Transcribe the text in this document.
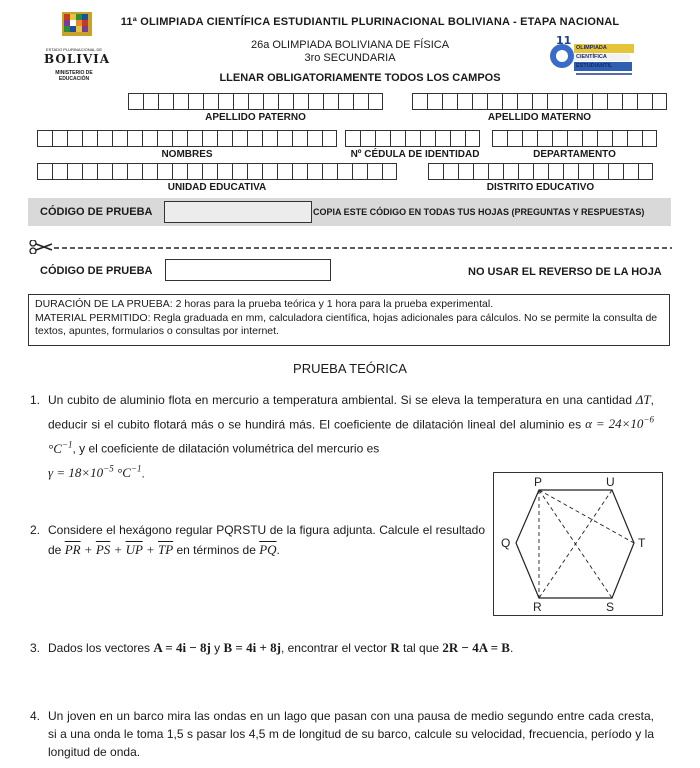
ESTADO PLURINACIONAL DE
BOLIVIA
MINISTERIO DE EDUCACIÓN
11
OLIMPIADA CIENTÍFICA ESTUDIANTIL
11ª OLIMPIADA CIENTÍFICA ESTUDIANTIL PLURINACIONAL BOLIVIANA - ETAPA NACIONAL
26a OLIMPIADA BOLIVIANA DE FÍSICA
3ro SECUNDARIA
LLENAR OBLIGATORIAMENTE TODOS LOS CAMPOS
APELLIDO PATERNO	APELLIDO MATERNO
NOMBRES	Nº CÉDULA DE IDENTIDAD	DEPARTAMENTO
UNIDAD EDUCATIVA	DISTRITO EDUCATIVO
CÓDIGO DE PRUEBA	COPIA ESTE CÓDIGO EN TODAS TUS HOJAS (PREGUNTAS Y RESPUESTAS)
CÓDIGO DE PRUEBA	NO USAR EL REVERSO DE LA HOJA
DURACIÓN DE LA PRUEBA: 2 horas para la prueba teórica y 1 hora para la prueba experimental.
MATERIAL PERMITIDO: Regla graduada en mm, calculadora científica, hojas adicionales para cálculos. No se permite la consulta de textos, apuntes, formularios o consultas por internet.
PRUEBA TEÓRICA
1. Un cubito de aluminio flota en mercurio a temperatura ambiental. Si se eleva la temperatura en una cantidad ΔT, deducir si el cubito flotará más o se hundirá más. El coeficiente de dilatación lineal del aluminio es $\alpha = 24\times 10^{-6}$ $^\circ C^{-1}$, y el coeficiente de dilatación volumétrica del mercurio es
$\gamma = 18\times 10^{-5}$ $^\circ C^{-1}$.
2. Considere el hexágono regular PQRSTU de la figura adjunta. Calcule el resultado de $\overline{PR} + \overline{PS} + \overline{UP} + \overline{TP}$ en términos de $\overline{PQ}$.
P	U
Q	T
R	S
3. Dados los vectores A = 4i − 8j y B = 4i + 8j, encontrar el vector R tal que 2R − 4A = B.
4. Un joven en un barco mira las ondas en un lago que pasan con una pausa de medio segundo entre cada cresta, si a una onda le toma 1,5 s pasar los 4,5 m de longitud de su barco, calcule su velocidad, frecuencia, período y la longitud de onda.
